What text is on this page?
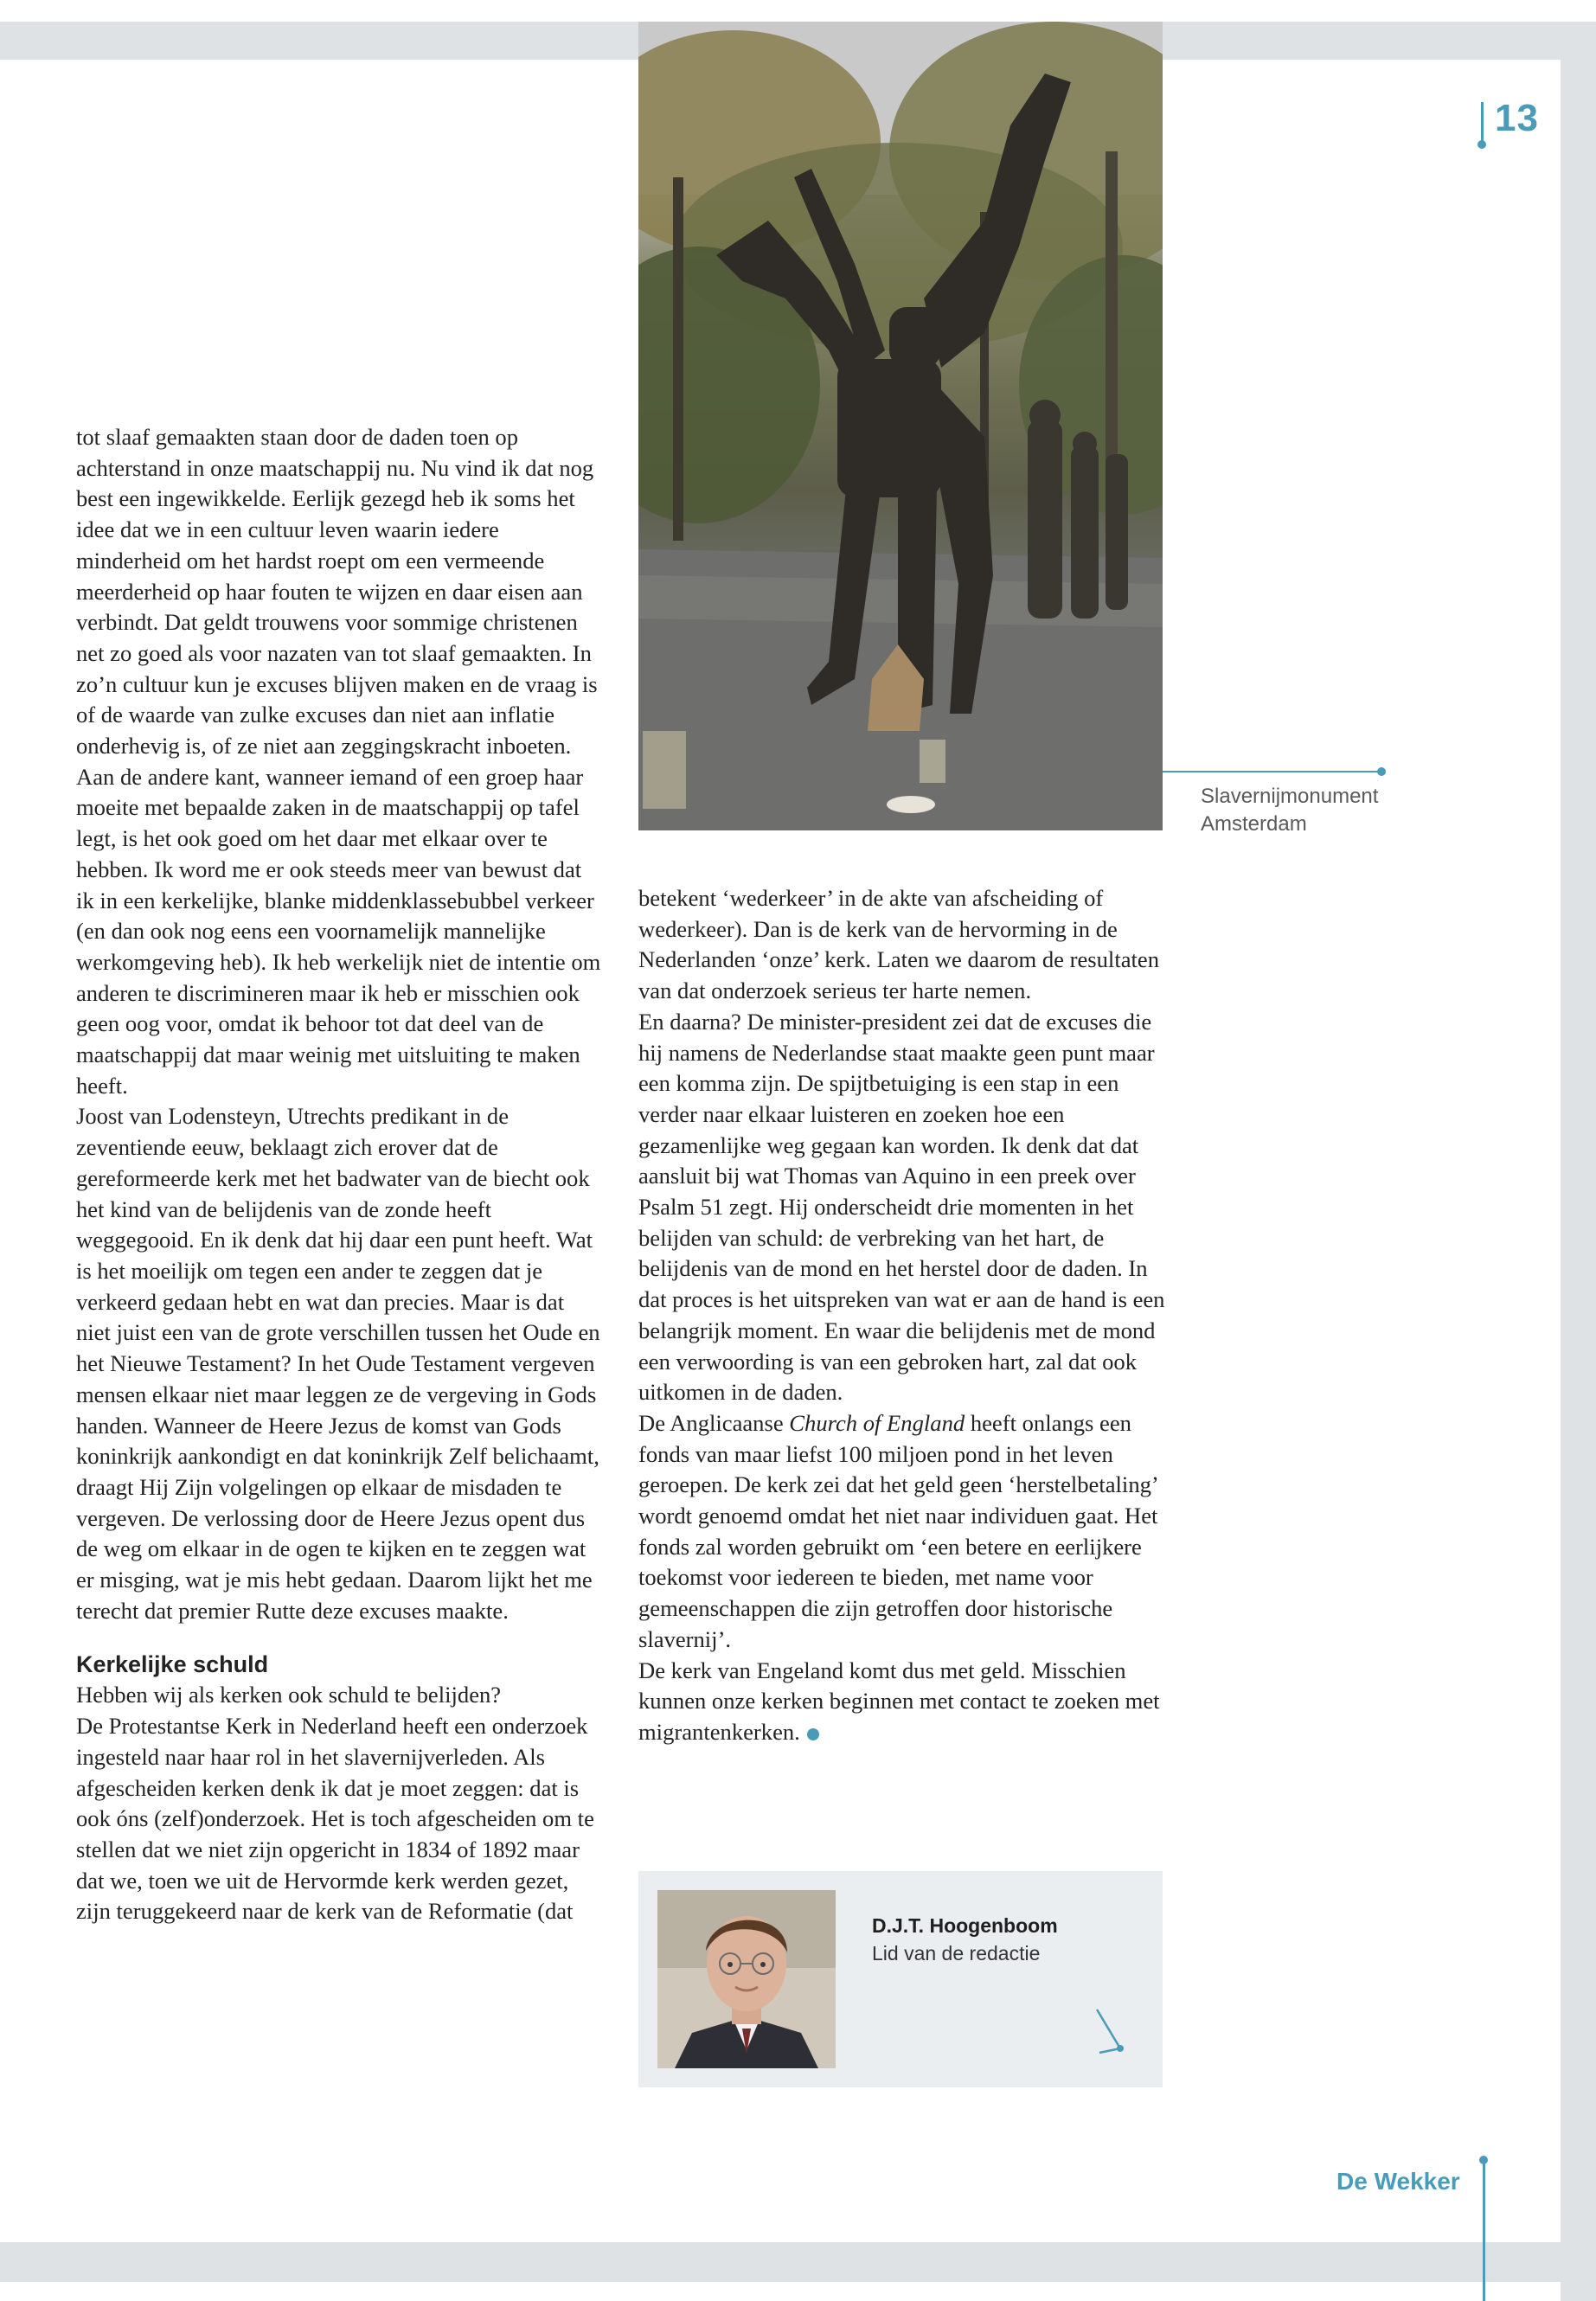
13
Slavernijmonument
Amsterdam

tot slaaf gemaakten staan door de daden toen op achterstand in onze maatschappij nu. Nu vind ik dat nog best een ingewikkelde. Eerlijk gezegd heb ik soms het idee dat we in een cultuur leven waarin iedere minderheid om het hardst roept om een vermeende meerderheid op haar fouten te wijzen en daar eisen aan verbindt. Dat geldt trouwens voor sommige christenen net zo goed als voor nazaten van tot slaaf gemaakten. In zo’n cultuur kun je excuses blijven maken en de vraag is of de waarde van zulke excuses dan niet aan inflatie onderhevig is, of ze niet aan zeggingskracht inboeten. Aan de andere kant, wanneer iemand of een groep haar moeite met bepaalde zaken in de maatschappij op tafel legt, is het ook goed om het daar met elkaar over te hebben. Ik word me er ook steeds meer van bewust dat ik in een kerkelijke, blanke middenklassebubbel verkeer (en dan ook nog eens een voornamelijk mannelijke werkomgeving heb). Ik heb werkelijk niet de intentie om anderen te discrimineren maar ik heb er misschien ook geen oog voor, omdat ik behoor tot dat deel van de maatschappij dat maar weinig met uitsluiting te maken heeft.

Joost van Lodensteyn, Utrechts predikant in de zeventiende eeuw, beklaagt zich erover dat de gereformeerde kerk met het badwater van de biecht ook het kind van de belijdenis van de zonde heeft weggegooid. En ik denk dat hij daar een punt heeft. Wat is het moeilijk om tegen een ander te zeggen dat je verkeerd gedaan hebt en wat dan precies. Maar is dat niet juist een van de grote verschillen tussen het Oude en het Nieuwe Testament? In het Oude Testament vergeven mensen elkaar niet maar leggen ze de vergeving in Gods handen. Wanneer de Heere Jezus de komst van Gods koninkrijk aankondigt en dat koninkrijk Zelf belichaamt, draagt Hij Zijn volgelingen op elkaar de misdaden te vergeven. De verlossing door de Heere Jezus opent dus de weg om elkaar in de ogen te kijken en te zeggen wat er misging, wat je mis hebt gedaan. Daarom lijkt het me terecht dat premier Rutte deze excuses maakte.

Kerkelijke schuld

Hebben wij als kerken ook schuld te belijden?

De Protestantse Kerk in Nederland heeft een onderzoek ingesteld naar haar rol in het slavernijverleden. Als afgescheiden kerken denk ik dat je moet zeggen: dat is ook óns (zelf)onderzoek. Het is toch afgescheiden om te stellen dat we niet zijn opgericht in 1834 of 1892 maar dat we, toen we uit de Hervormde kerk werden gezet, zijn teruggekeerd naar de kerk van de Reformatie (dat

betekent ‘wederkeer’ in de akte van afscheiding of wederkeer). Dan is de kerk van de hervorming in de Nederlanden ‘onze’ kerk. Laten we daarom de resultaten van dat onderzoek serieus ter harte nemen.

En daarna? De minister-president zei dat de excuses die hij namens de Nederlandse staat maakte geen punt maar een komma zijn. De spijtbetuiging is een stap in een verder naar elkaar luisteren en zoeken hoe een gezamenlijke weg gegaan kan worden. Ik denk dat dat aansluit bij wat Thomas van Aquino in een preek over Psalm 51 zegt. Hij onderscheidt drie momenten in het belijden van schuld: de verbreking van het hart, de belijdenis van de mond en het herstel door de daden. In dat proces is het uitspreken van wat er aan de hand is een belangrijk moment. En waar die belijdenis met de mond een verwoording is van een gebroken hart, zal dat ook uitkomen in de daden.

De Anglicaanse Church of England heeft onlangs een fonds van maar liefst 100 miljoen pond in het leven geroepen. De kerk zei dat het geld geen ‘herstelbetaling’ wordt genoemd omdat het niet naar individuen gaat. Het fonds zal worden gebruikt om ‘een betere en eerlijkere toekomst voor iedereen te bieden, met name voor gemeenschappen die zijn getroffen door historische slavernij’.

De kerk van Engeland komt dus met geld. Misschien kunnen onze kerken beginnen met contact te zoeken met migrantenkerken.

D.J.T. Hoogenboom
Lid van de redactie
De Wekker
